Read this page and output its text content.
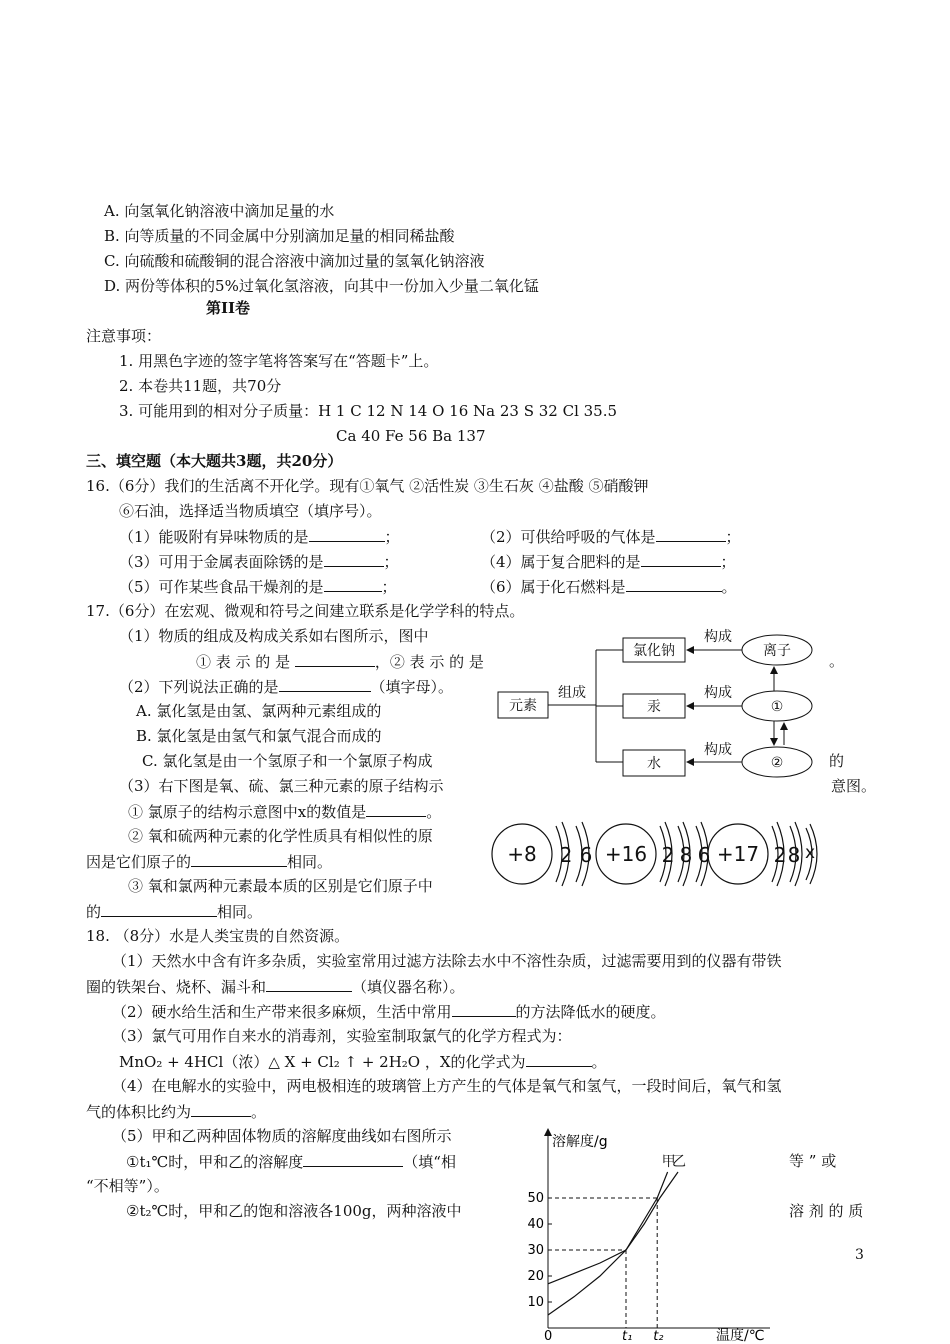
A. 向氢氧化钠溶液中滴加足量的水
B. 向等质量的不同金属中分别滴加足量的相同稀盐酸
C. 向硫酸和硫酸铜的混合溶液中滴加过量的氢氧化钠溶液
D. 两份等体积的5%过氧化氢溶液，向其中一份加入少量二氧化锰
第II卷
注意事项：
1. 用黑色字迹的签字笔将答案写在“答题卡”上。
2. 本卷共11题，共70分
3. 可能用到的相对分子质量：H 1 C 12 N 14 O 16 Na 23 S 32 Cl 35.5
Ca 40 Fe 56 Ba 137
三、填空题（本大题共3题，共20分）
16.（6分）我们的生活离不开化学。现有①氧气 ②活性炭 ③生石灰 ④盐酸 ⑤硝酸钾
⑥石油，选择适当物质填空（填序号）。
（1）能吸附有异味物质的是	；	（2）可供给呼吸的气体是	；
（3）可用于金属表面除锈的是	；	（4）属于复合肥料的是	；
（5）可作某些食品干燥剂的是	；	（6）属于化石燃料是	。
17.（6分）在宏观、微观和符号之间建立联系是化学学科的特点。
（1）物质的组成及构成关系如右图所示，图中
① 表 示 的 是	，② 表 示 的 是	。
（2）下列说法正确的是	（填字母）。
A. 氯化氢是由氢、氯两种元素组成的
B. 氯化氢是由氢气和氯气混合而成的
C. 氯化氢是由一个氢原子和一个氯原子构成	的
（3）右下图是氧、硫、氯三种元素的原子结构示	意图。
① 氯原子的结构示意图中x的数值是	。
② 氧和硫两种元素的化学性质具有相似性的原
因是它们原子的	相同。
③ 氧和氯两种元素最本质的区别是它们原子中
的	相同。
元素
组成
氯化钠
汞
水
构成
构成
构成
离子
①
②
+8 2 6 +16 2 8 6 +17 2 8 x
18. （8分）水是人类宝贵的自然资源。
（1）天然水中含有许多杂质，实验室常用过滤方法除去水中不溶性杂质，过滤需要用到的仪器有带铁
圈的铁架台、烧杯、漏斗和	（填仪器名称）。
（2）硬水给生活和生产带来很多麻烦，生活中常用	的方法降低水的硬度。
（3）氯气可用作自来水的消毒剂，实验室制取氯气的化学方程式为：
MnO₂ + 4HCl（浓）△ X + Cl₂ ↑ + 2H₂O ，X的化学式为	。
（4）在电解水的实验中，两电极相连的玻璃管上方产生的气体是氧气和氢气，一段时间后，氧气和氢
气的体积比约为	。
（5）甲和乙两种固体物质的溶解度曲线如右图所示
①t₁℃时，甲和乙的溶解度	（填“相	等 ” 或
“不相等”）。
②t₂℃时，甲和乙的饱和溶液各100g，两种溶液中	溶 剂 的 质
10
20
30
40
50
甲
乙
t₁ t₂
溶解度/g
温度/℃
0
3
